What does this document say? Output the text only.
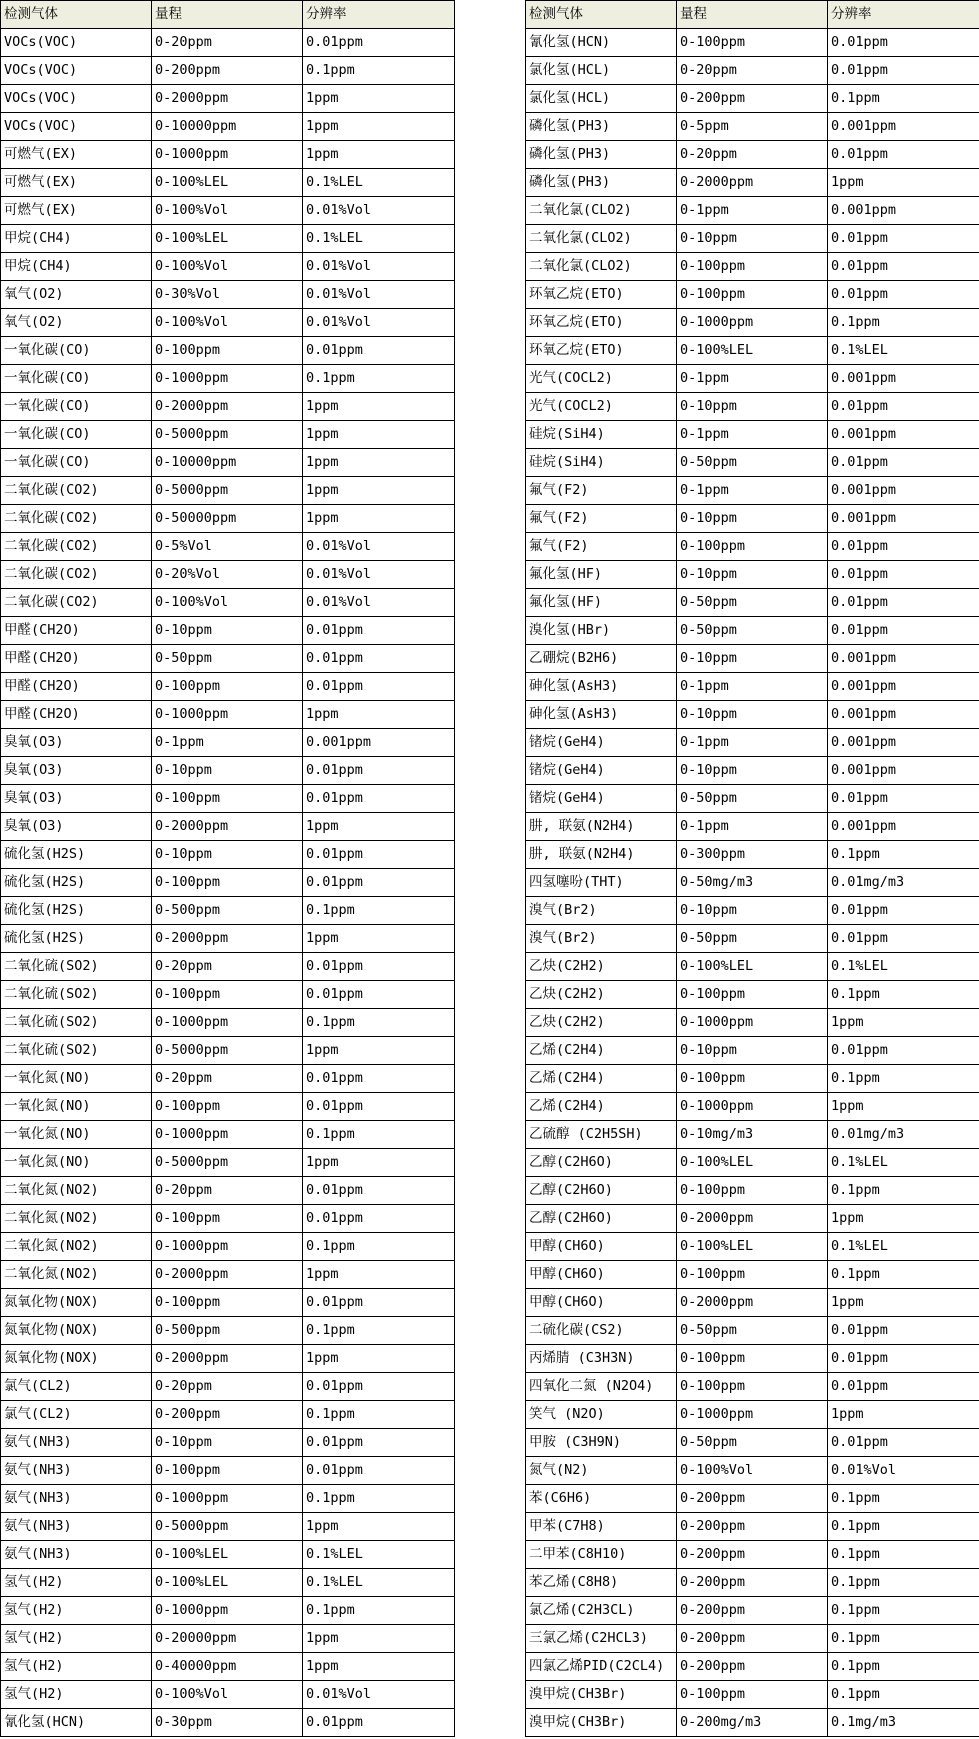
检测气体	量程	分辨率
VOCs(VOC)	0-20ppm	0.01ppm
VOCs(VOC)	0-200ppm	0.1ppm
VOCs(VOC)	0-2000ppm	1ppm
VOCs(VOC)	0-10000ppm	1ppm
可燃气(EX)	0-1000ppm	1ppm
可燃气(EX)	0-100%LEL	0.1%LEL
可燃气(EX)	0-100%Vol	0.01%Vol
甲烷(CH4)	0-100%LEL	0.1%LEL
甲烷(CH4)	0-100%Vol	0.01%Vol
氧气(O2)	0-30%Vol	0.01%Vol
氧气(O2)	0-100%Vol	0.01%Vol
一氧化碳(CO)	0-100ppm	0.01ppm
一氧化碳(CO)	0-1000ppm	0.1ppm
一氧化碳(CO)	0-2000ppm	1ppm
一氧化碳(CO)	0-5000ppm	1ppm
一氧化碳(CO)	0-10000ppm	1ppm
二氧化碳(CO2)	0-5000ppm	1ppm
二氧化碳(CO2)	0-50000ppm	1ppm
二氧化碳(CO2)	0-5%Vol	0.01%Vol
二氧化碳(CO2)	0-20%Vol	0.01%Vol
二氧化碳(CO2)	0-100%Vol	0.01%Vol
甲醛(CH2O)	0-10ppm	0.01ppm
甲醛(CH2O)	0-50ppm	0.01ppm
甲醛(CH2O)	0-100ppm	0.01ppm
甲醛(CH2O)	0-1000ppm	1ppm
臭氧(O3)	0-1ppm	0.001ppm
臭氧(O3)	0-10ppm	0.01ppm
臭氧(O3)	0-100ppm	0.01ppm
臭氧(O3)	0-2000ppm	1ppm
硫化氢(H2S)	0-10ppm	0.01ppm
硫化氢(H2S)	0-100ppm	0.01ppm
硫化氢(H2S)	0-500ppm	0.1ppm
硫化氢(H2S)	0-2000ppm	1ppm
二氧化硫(SO2)	0-20ppm	0.01ppm
二氧化硫(SO2)	0-100ppm	0.01ppm
二氧化硫(SO2)	0-1000ppm	0.1ppm
二氧化硫(SO2)	0-5000ppm	1ppm
一氧化氮(NO)	0-20ppm	0.01ppm
一氧化氮(NO)	0-100ppm	0.01ppm
一氧化氮(NO)	0-1000ppm	0.1ppm
一氧化氮(NO)	0-5000ppm	1ppm
二氧化氮(NO2)	0-20ppm	0.01ppm
二氧化氮(NO2)	0-100ppm	0.01ppm
二氧化氮(NO2)	0-1000ppm	0.1ppm
二氧化氮(NO2)	0-2000ppm	1ppm
氮氧化物(NOX)	0-100ppm	0.01ppm
氮氧化物(NOX)	0-500ppm	0.1ppm
氮氧化物(NOX)	0-2000ppm	1ppm
氯气(CL2)	0-20ppm	0.01ppm
氯气(CL2)	0-200ppm	0.1ppm
氨气(NH3)	0-10ppm	0.01ppm
氨气(NH3)	0-100ppm	0.01ppm
氨气(NH3)	0-1000ppm	0.1ppm
氨气(NH3)	0-5000ppm	1ppm
氨气(NH3)	0-100%LEL	0.1%LEL
氢气(H2)	0-100%LEL	0.1%LEL
氢气(H2)	0-1000ppm	0.1ppm
氢气(H2)	0-20000ppm	1ppm
氢气(H2)	0-40000ppm	1ppm
氢气(H2)	0-100%Vol	0.01%Vol
氰化氢(HCN)	0-30ppm	0.01ppm
检测气体	量程	分辨率
氰化氢(HCN)	0-100ppm	0.01ppm
氯化氢(HCL)	0-20ppm	0.01ppm
氯化氢(HCL)	0-200ppm	0.1ppm
磷化氢(PH3)	0-5ppm	0.001ppm
磷化氢(PH3)	0-20ppm	0.01ppm
磷化氢(PH3)	0-2000ppm	1ppm
二氧化氯(CLO2)	0-1ppm	0.001ppm
二氧化氯(CLO2)	0-10ppm	0.01ppm
二氧化氯(CLO2)	0-100ppm	0.01ppm
环氧乙烷(ETO)	0-100ppm	0.01ppm
环氧乙烷(ETO)	0-1000ppm	0.1ppm
环氧乙烷(ETO)	0-100%LEL	0.1%LEL
光气(COCL2)	0-1ppm	0.001ppm
光气(COCL2)	0-10ppm	0.01ppm
硅烷(SiH4)	0-1ppm	0.001ppm
硅烷(SiH4)	0-50ppm	0.01ppm
氟气(F2)	0-1ppm	0.001ppm
氟气(F2)	0-10ppm	0.001ppm
氟气(F2)	0-100ppm	0.01ppm
氟化氢(HF)	0-10ppm	0.01ppm
氟化氢(HF)	0-50ppm	0.01ppm
溴化氢(HBr)	0-50ppm	0.01ppm
乙硼烷(B2H6)	0-10ppm	0.001ppm
砷化氢(AsH3)	0-1ppm	0.001ppm
砷化氢(AsH3)	0-10ppm	0.001ppm
锗烷(GeH4)	0-1ppm	0.001ppm
锗烷(GeH4)	0-10ppm	0.001ppm
锗烷(GeH4)	0-50ppm	0.01ppm
肼, 联氨(N2H4)	0-1ppm	0.001ppm
肼, 联氨(N2H4)	0-300ppm	0.1ppm
四氢噻吩(THT)	0-50mg/m3	0.01mg/m3
溴气(Br2)	0-10ppm	0.01ppm
溴气(Br2)	0-50ppm	0.01ppm
乙炔(C2H2)	0-100%LEL	0.1%LEL
乙炔(C2H2)	0-100ppm	0.1ppm
乙炔(C2H2)	0-1000ppm	1ppm
乙烯(C2H4)	0-10ppm	0.01ppm
乙烯(C2H4)	0-100ppm	0.1ppm
乙烯(C2H4)	0-1000ppm	1ppm
乙硫醇 (C2H5SH)	0-10mg/m3	0.01mg/m3
乙醇(C2H6O)	0-100%LEL	0.1%LEL
乙醇(C2H6O)	0-100ppm	0.1ppm
乙醇(C2H6O)	0-2000ppm	1ppm
甲醇(CH6O)	0-100%LEL	0.1%LEL
甲醇(CH6O)	0-100ppm	0.1ppm
甲醇(CH6O)	0-2000ppm	1ppm
二硫化碳(CS2)	0-50ppm	0.01ppm
丙烯腈 (C3H3N)	0-100ppm	0.01ppm
四氧化二氮 (N2O4)	0-100ppm	0.01ppm
笑气 (N2O)	0-1000ppm	1ppm
甲胺 (C3H9N)	0-50ppm	0.01ppm
氮气(N2)	0-100%Vol	0.01%Vol
苯(C6H6)	0-200ppm	0.1ppm
甲苯(C7H8)	0-200ppm	0.1ppm
二甲苯(C8H10)	0-200ppm	0.1ppm
苯乙烯(C8H8)	0-200ppm	0.1ppm
氯乙烯(C2H3CL)	0-200ppm	0.1ppm
三氯乙烯(C2HCL3)	0-200ppm	0.1ppm
四氯乙烯PID(C2CL4)	0-200ppm	0.1ppm
溴甲烷(CH3Br)	0-100ppm	0.1ppm
溴甲烷(CH3Br)	0-200mg/m3	0.1mg/m3
